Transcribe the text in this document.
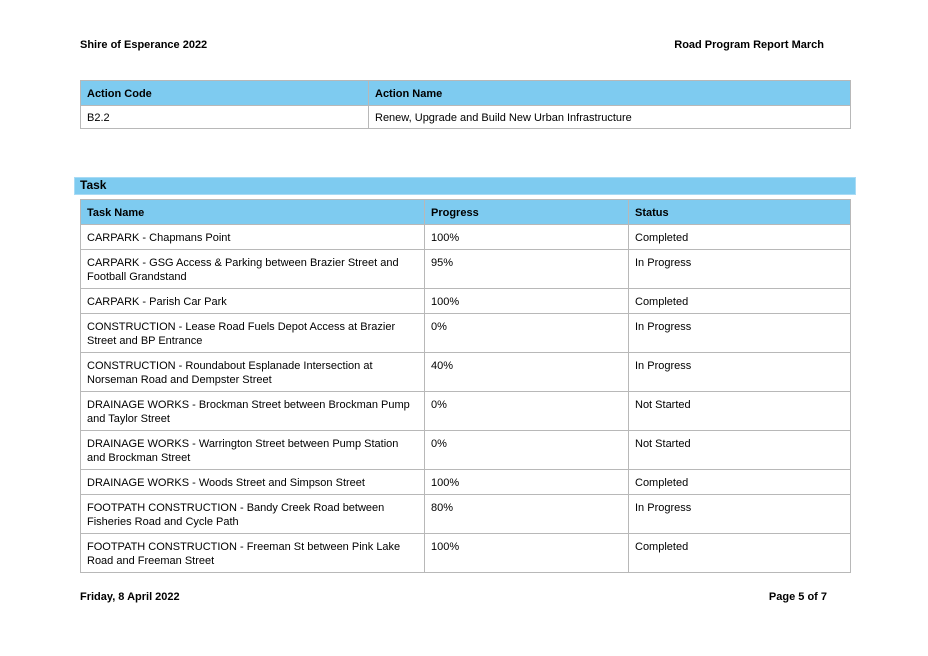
Shire of Esperance 2022	Road Program Report March
Action Code	Action Name
B2.2	Renew, Upgrade and Build New Urban Infrastructure
Task
Task Name	Progress	Status
CARPARK - Chapmans Point	100%	Completed
CARPARK - GSG Access & Parking between Brazier Street and Football Grandstand	95%	In Progress
CARPARK - Parish Car Park	100%	Completed
CONSTRUCTION - Lease Road Fuels Depot Access at Brazier Street and BP Entrance	0%	In Progress
CONSTRUCTION - Roundabout Esplanade Intersection at Norseman Road and Dempster Street	40%	In Progress
DRAINAGE WORKS - Brockman Street between Brockman Pump and Taylor Street	0%	Not Started
DRAINAGE WORKS - Warrington Street between Pump Station and Brockman Street	0%	Not Started
DRAINAGE WORKS - Woods Street and Simpson Street	100%	Completed
FOOTPATH CONSTRUCTION - Bandy Creek Road between Fisheries Road and Cycle Path	80%	In Progress
FOOTPATH CONSTRUCTION - Freeman St between Pink Lake Road and Freeman Street	100%	Completed
Friday, 8 April 2022	Page 5 of 7
